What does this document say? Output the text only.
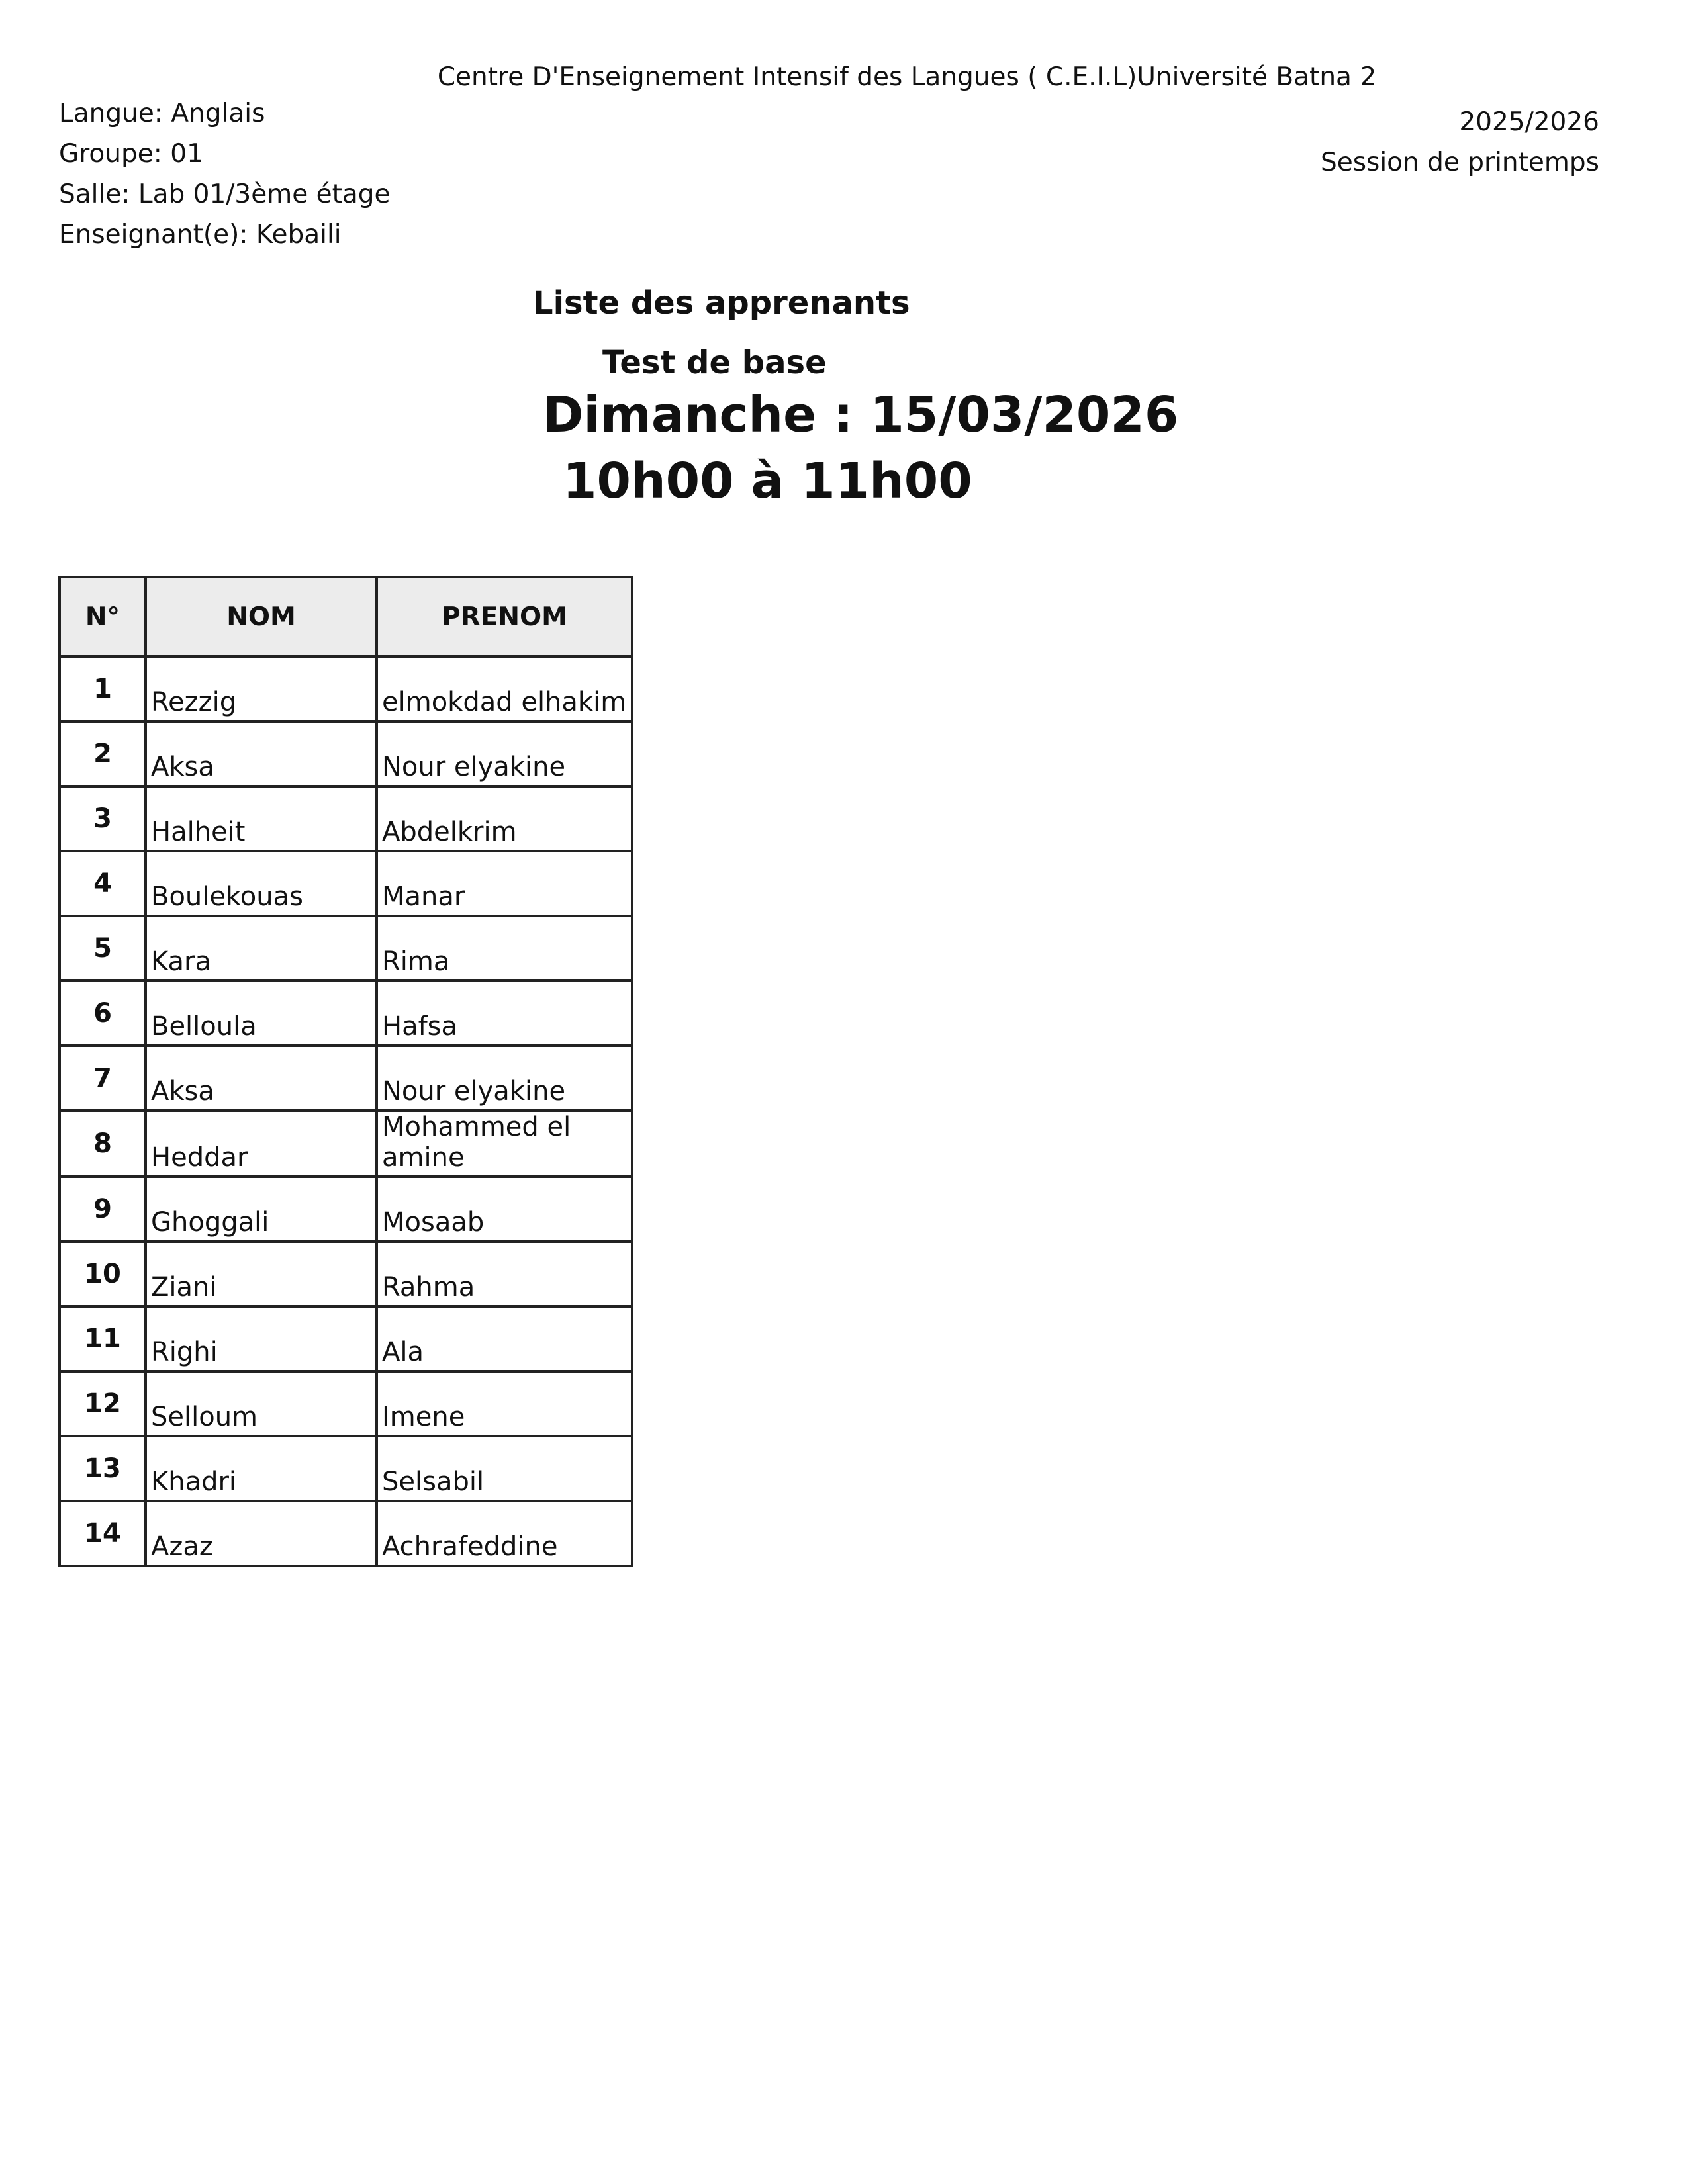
Centre D'Enseignement Intensif des Langues ( C.E.I.L)Université Batna 2
Langue: Anglais
Groupe: 01
Salle: Lab 01/3ème étage
Enseignant(e): Kebaili
2025/2026
Session de printemps
Liste des apprenants
Test de base
Dimanche : 15/03/2026
10h00 à 11h00
N°	NOM	PRENOM
1	Rezzig	elmokdad elhakim
2	Aksa	Nour elyakine
3	Halheit	Abdelkrim
4	Boulekouas	Manar
5	Kara	Rima
6	Belloula	Hafsa
7	Aksa	Nour elyakine
8	Heddar	Mohammed el amine
9	Ghoggali	Mosaab
10	Ziani	Rahma
11	Righi	Ala
12	Selloum	Imene
13	Khadri	Selsabil
14	Azaz	Achrafeddine
